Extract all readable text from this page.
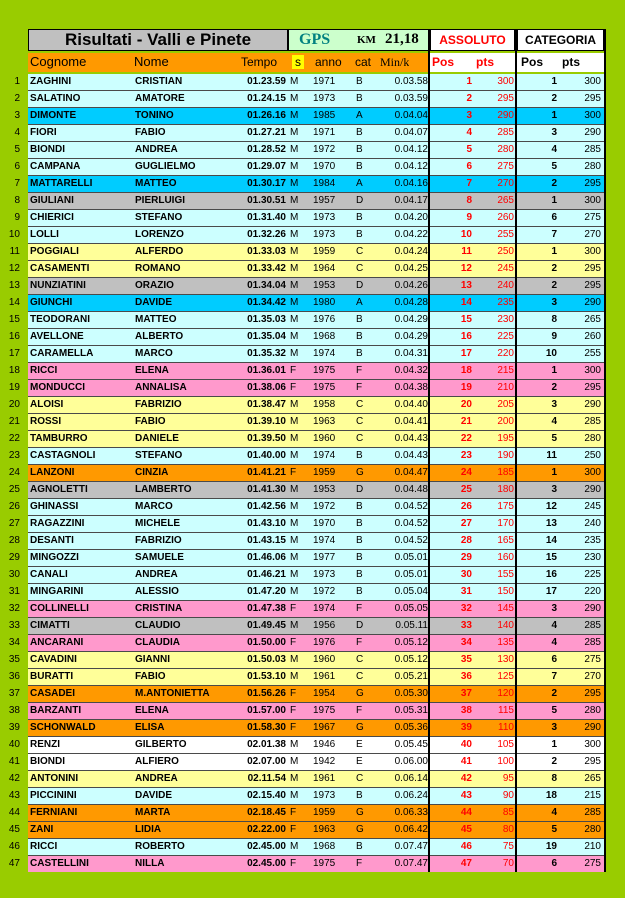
Risultati - Valli e Pinete	GPS KM 21,18	ASSOLUTO	CATEGORIA
Cognome	Nome	Tempo s anno cat Min/k Pos pts Pos pts
1 ZAGHINI	CRISTIAN	01.23.59 M	1971	B	0.03.58	1	300	1	300
2 SALATINO	AMATORE	01.24.15 M	1973	B	0.03.59	2	295	2	295
3 DIMONTE	TONINO	01.26.16 M	1985	A	0.04.04	3	290	1	300
4 FIORI	FABIO	01.27.21 M	1971	B	0.04.07	4	285	3	290
5 BIONDI	ANDREA	01.28.52 M	1972	B	0.04.12	5	280	4	285
6 CAMPANA	GUGLIELMO	01.29.07 M	1970	B	0.04.12	6	275	5	280
7 MATTARELLI	MATTEO	01.30.17 M	1984	A	0.04.16	7	270	2	295
8 GIULIANI	PIERLUIGI	01.30.51 M	1957	D	0.04.17	8	265	1	300
9 CHIERICI	STEFANO	01.31.40 M	1973	B	0.04.20	9	260	6	275
10 LOLLI	LORENZO	01.32.26 M	1973	B	0.04.22	10	255	7	270
11 POGGIALI	ALFERDO	01.33.03 M	1959	C	0.04.24	11	250	1	300
12 CASAMENTI	ROMANO	01.33.42 M	1964	C	0.04.25	12	245	2	295
13 NUNZIATINI	ORAZIO	01.34.04 M	1953	D	0.04.26	13	240	2	295
14 GIUNCHI	DAVIDE	01.34.42 M	1980	A	0.04.28	14	235	3	290
15 TEODORANI	MATTEO	01.35.03 M	1976	B	0.04.29	15	230	8	265
16 AVELLONE	ALBERTO	01.35.04 M	1968	B	0.04.29	16	225	9	260
17 CARAMELLA	MARCO	01.35.32 M	1974	B	0.04.31	17	220	10	255
18 RICCI	ELENA	01.36.01 F	1975	F	0.04.32	18	215	1	300
19 MONDUCCI	ANNALISA	01.38.06 F	1975	F	0.04.38	19	210	2	295
20 ALOISI	FABRIZIO	01.38.47 M	1958	C	0.04.40	20	205	3	290
21 ROSSI	FABIO	01.39.10 M	1963	C	0.04.41	21	200	4	285
22 TAMBURRO	DANIELE	01.39.50 M	1960	C	0.04.43	22	195	5	280
23 CASTAGNOLI	STEFANO	01.40.00 M	1974	B	0.04.43	23	190	11	250
24 LANZONI	CINZIA	01.41.21 F	1959	G	0.04.47	24	185	1	300
25 AGNOLETTI	LAMBERTO	01.41.30 M	1953	D	0.04.48	25	180	3	290
26 GHINASSI	MARCO	01.42.56 M	1972	B	0.04.52	26	175	12	245
27 RAGAZZINI	MICHELE	01.43.10 M	1970	B	0.04.52	27	170	13	240
28 DESANTI	FABRIZIO	01.43.15 M	1974	B	0.04.52	28	165	14	235
29 MINGOZZI	SAMUELE	01.46.06 M	1977	B	0.05.01	29	160	15	230
30 CANALI	ANDREA	01.46.21 M	1973	B	0.05.01	30	155	16	225
31 MINGARINI	ALESSIO	01.47.20 M	1972	B	0.05.04	31	150	17	220
32 COLLINELLI	CRISTINA	01.47.38 F	1974	F	0.05.05	32	145	3	290
33 CIMATTI	CLAUDIO	01.49.45 M	1956	D	0.05.11	33	140	4	285
34 ANCARANI	CLAUDIA	01.50.00 F	1976	F	0.05.12	34	135	4	285
35 CAVADINI	GIANNI	01.50.03 M	1960	C	0.05.12	35	130	6	275
36 BURATTI	FABIO	01.53.10 M	1961	C	0.05.21	36	125	7	270
37 CASADEI	M.ANTONIETTA	01.56.26 F	1954	G	0.05.30	37	120	2	295
38 BARZANTI	ELENA	01.57.00 F	1975	F	0.05.31	38	115	5	280
39 SCHONWALD	ELISA	01.58.30 F	1967	G	0.05.36	39	110	3	290
40 RENZI	GILBERTO	02.01.38 M	1946	E	0.05.45	40	105	1	300
41 BIONDI	ALFIERO	02.07.00 M	1942	E	0.06.00	41	100	2	295
42 ANTONINI	ANDREA	02.11.54 M	1961	C	0.06.14	42	95	8	265
43 PICCININI	DAVIDE	02.15.40 M	1973	B	0.06.24	43	90	18	215
44 FERNIANI	MARTA	02.18.45 F	1959	G	0.06.33	44	85	4	285
45 ZANI	LIDIA	02.22.00 F	1963	G	0.06.42	45	80	5	280
46 RICCI	ROBERTO	02.45.00 M	1968	B	0.07.47	46	75	19	210
47 CASTELLINI	NILLA	02.45.00 F	1975	F	0.07.47	47	70	6	275
